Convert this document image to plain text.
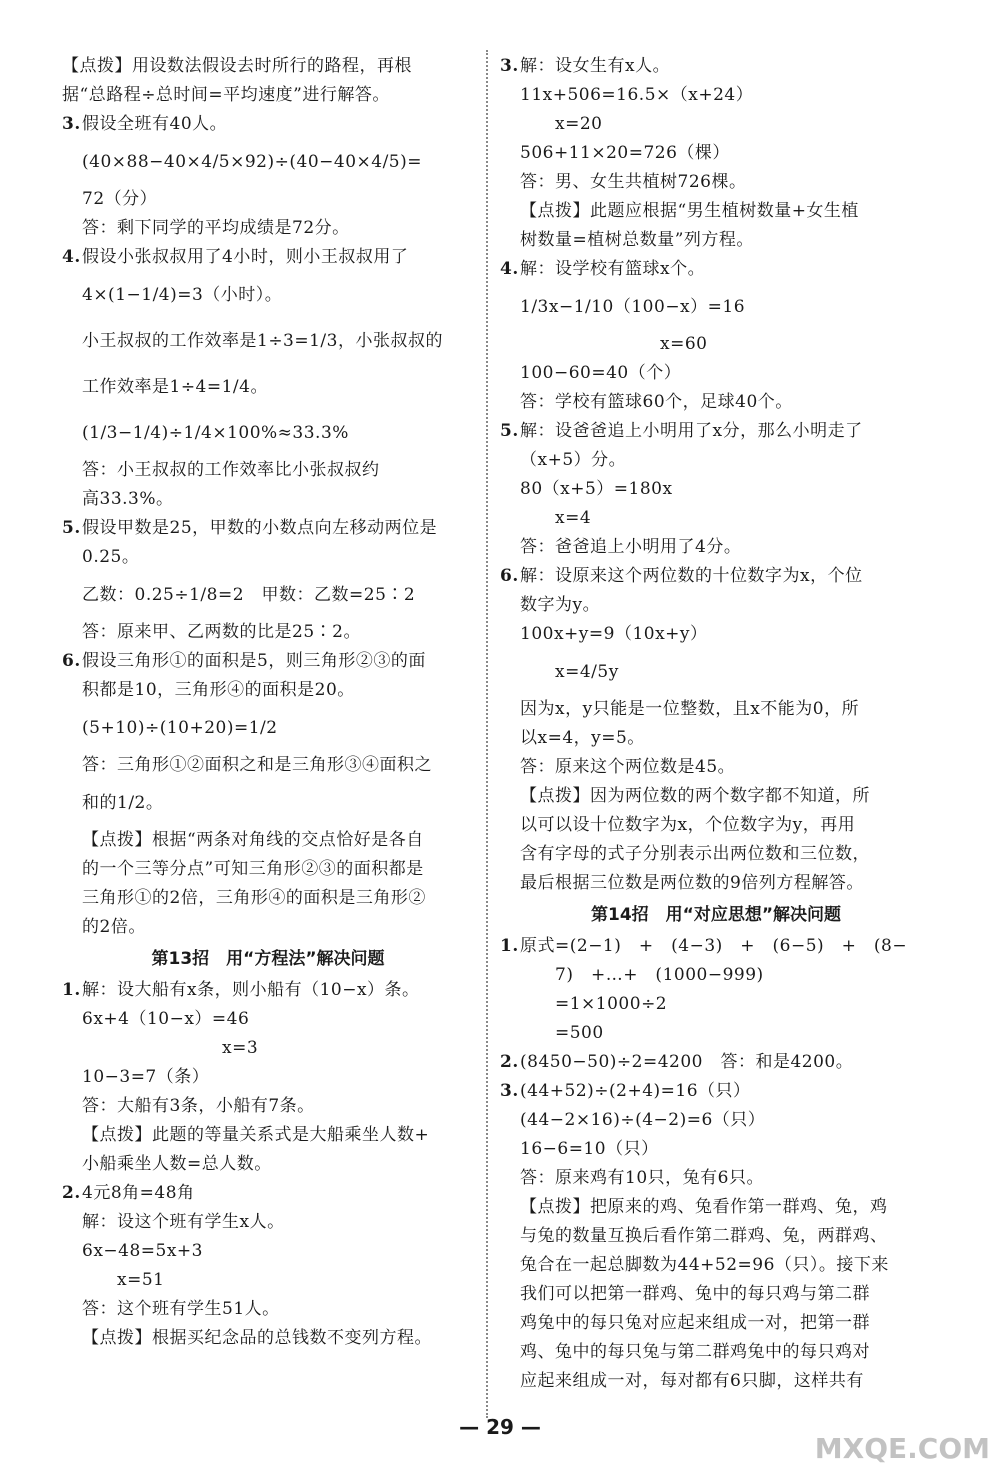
【点拨】用设数法假设去时所行的路程，再根
据“总路程÷总时间=平均速度”进行解答。
3.假设全班有40人。
(40×88−40×4/5×92)÷(40−40×4/5)=
72（分）
答：剩下同学的平均成绩是72分。
4.假设小张叔叔用了4小时，则小王叔叔用了
4×(1−1/4)=3（小时）。
小王叔叔的工作效率是1÷3=1/3，小张叔叔的
工作效率是1÷4=1/4。
(1/3−1/4)÷1/4×100%≈33.3%
答：小王叔叔的工作效率比小张叔叔约
高33.3%。
5.假设甲数是25，甲数的小数点向左移动两位是
0.25。
乙数：0.25÷1/8=2　甲数：乙数=25∶2
答：原来甲、乙两数的比是25∶2。
6.假设三角形①的面积是5，则三角形②③的面
积都是10，三角形④的面积是20。
(5+10)÷(10+20)=1/2
答：三角形①②面积之和是三角形③④面积之
和的1/2。
【点拨】根据“两条对角线的交点恰好是各自
的一个三等分点”可知三角形②③的面积都是
三角形①的2倍，三角形④的面积是三角形②
的2倍。
第13招　用“方程法”解决问题
1.解：设大船有x条，则小船有（10−x）条。
6x+4（10−x）=46
x=3
10−3=7（条）
答：大船有3条，小船有7条。
【点拨】此题的等量关系式是大船乘坐人数+
小船乘坐人数=总人数。
2.4元8角=48角
解：设这个班有学生x人。
6x−48=5x+3
x=51
答：这个班有学生51人。
【点拨】根据买纪念品的总钱数不变列方程。
3.解：设女生有x人。
11x+506=16.5×（x+24）
x=20
506+11×20=726（棵）
答：男、女生共植树726棵。
【点拨】此题应根据“男生植树数量+女生植
树数量=植树总数量”列方程。
4.解：设学校有篮球x个。
1/3x−1/10（100−x）=16
x=60
100−60=40（个）
答：学校有篮球60个，足球40个。
5.解：设爸爸追上小明用了x分，那么小明走了
（x+5）分。
80（x+5）=180x
x=4
答：爸爸追上小明用了4分。
6.解：设原来这个两位数的十位数字为x，个位
数字为y。
100x+y=9（10x+y）
x=4/5y
因为x，y只能是一位整数，且x不能为0，所
以x=4，y=5。
答：原来这个两位数是45。
【点拨】因为两位数的两个数字都不知道，所
以可以设十位数字为x，个位数字为y，再用
含有字母的式子分别表示出两位数和三位数，
最后根据三位数是两位数的9倍列方程解答。
第14招　用“对应思想”解决问题
1.原式=(2−1)　+　(4−3)　+　(6−5)　+　(8−
7)　+…+　(1000−999)
=1×1000÷2
=500
2.(8450−50)÷2=4200　答：和是4200。
3.(44+52)÷(2+4)=16（只）
(44−2×16)÷(4−2)=6（只）
16−6=10（只）
答：原来鸡有10只，兔有6只。
【点拨】把原来的鸡、兔看作第一群鸡、兔，鸡
与兔的数量互换后看作第二群鸡、兔，两群鸡、
兔合在一起总脚数为44+52=96（只）。接下来
我们可以把第一群鸡、兔中的每只鸡与第二群
鸡兔中的每只兔对应起来组成一对，把第一群
鸡、兔中的每只兔与第二群鸡兔中的每只鸡对
应起来组成一对，每对都有6只脚，这样共有
— 29 —
MXQE.COM
